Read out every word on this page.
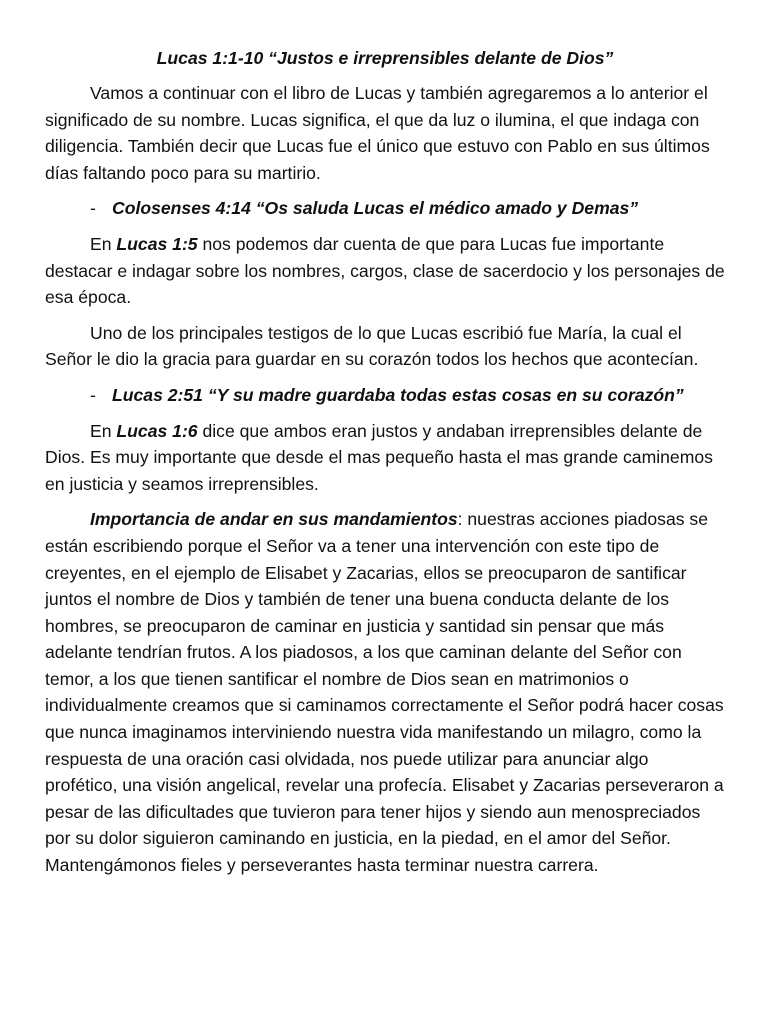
Lucas 1:1-10 “Justos e irreprensibles delante de Dios”

Vamos a continuar con el libro de Lucas y también agregaremos a lo anterior el significado de su nombre. Lucas significa, el que da luz o ilumina, el que indaga con diligencia. También decir que Lucas fue el único que estuvo con Pablo en sus últimos días faltando poco para su martirio.

- Colosenses 4:14 “Os saluda Lucas el médico amado y Demas”

En Lucas 1:5 nos podemos dar cuenta de que para Lucas fue importante destacar e indagar sobre los nombres, cargos, clase de sacerdocio y los personajes de esa época.

Uno de los principales testigos de lo que Lucas escribió fue María, la cual el Señor le dio la gracia para guardar en su corazón todos los hechos que acontecían.

- Lucas 2:51 “Y su madre guardaba todas estas cosas en su corazón”

En Lucas 1:6 dice que ambos eran justos y andaban irreprensibles delante de Dios. Es muy importante que desde el mas pequeño hasta el mas grande caminemos en justicia y seamos irreprensibles.

Importancia de andar en sus mandamientos: nuestras acciones piadosas se están escribiendo porque el Señor va a tener una intervención con este tipo de creyentes, en el ejemplo de Elisabet y Zacarias, ellos se preocuparon de santificar juntos el nombre de Dios y también de tener una buena conducta delante de los hombres, se preocuparon de caminar en justicia y santidad sin pensar que más adelante tendrían frutos. A los piadosos, a los que caminan delante del Señor con temor, a los que tienen santificar el nombre de Dios sean en matrimonios o individualmente creamos que si caminamos correctamente el Señor podrá hacer cosas que nunca imaginamos interviniendo nuestra vida manifestando un milagro, como la respuesta de una oración casi olvidada, nos puede utilizar para anunciar algo profético, una visión angelical, revelar una profecía. Elisabet y Zacarias perseveraron a pesar de las dificultades que tuvieron para tener hijos y siendo aun menospreciados por su dolor siguieron caminando en justicia, en la piedad, en el amor del Señor. Mantengámonos fieles y perseverantes hasta terminar nuestra carrera.
